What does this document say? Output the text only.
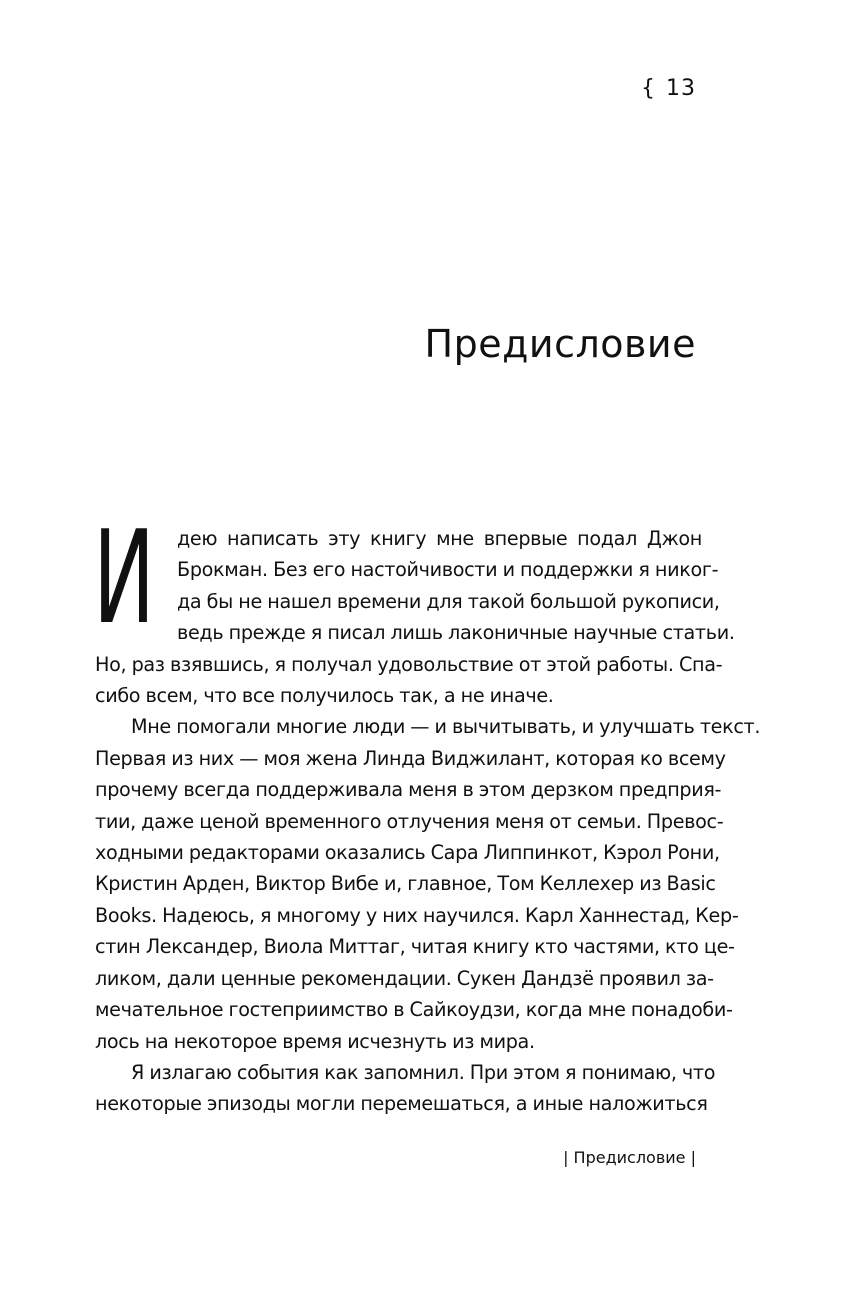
{ 13
Предисловие
И	дею написать эту книгу мне впервые подал Джон
Брокман. Без его настойчивости и поддержки я никог-
да бы не нашел времени для такой большой рукописи,
ведь прежде я писал лишь лаконичные научные статьи.
Но, раз взявшись, я получал удовольствие от этой работы. Спа-
сибо всем, что все получилось так, а не иначе.
Мне помогали многие люди — и вычитывать, и улучшать текст.
Первая из них — моя жена Линда Виджилант, которая ко всему
прочему всегда поддерживала меня в этом дерзком предприя-
тии, даже ценой временного отлучения меня от семьи. Превос-
ходными редакторами оказались Сара Липпинкот, Кэрол Рони,
Кристин Арден, Виктор Вибе и, главное, Том Келлехер из Basic
Books. Надеюсь, я многому у них научился. Карл Ханнестад, Кер-
стин Лександер, Виола Миттаг, читая книгу кто частями, кто це-
ликом, дали ценные рекомендации. Сукен Дандзё проявил за-
мечательное гостеприимство в Сайкоудзи, когда мне понадоби-
лось на некоторое время исчезнуть из мира.
Я излагаю события как запомнил. При этом я понимаю, что
некоторые эпизоды могли перемешаться, а иные наложиться
| Предисловие |
